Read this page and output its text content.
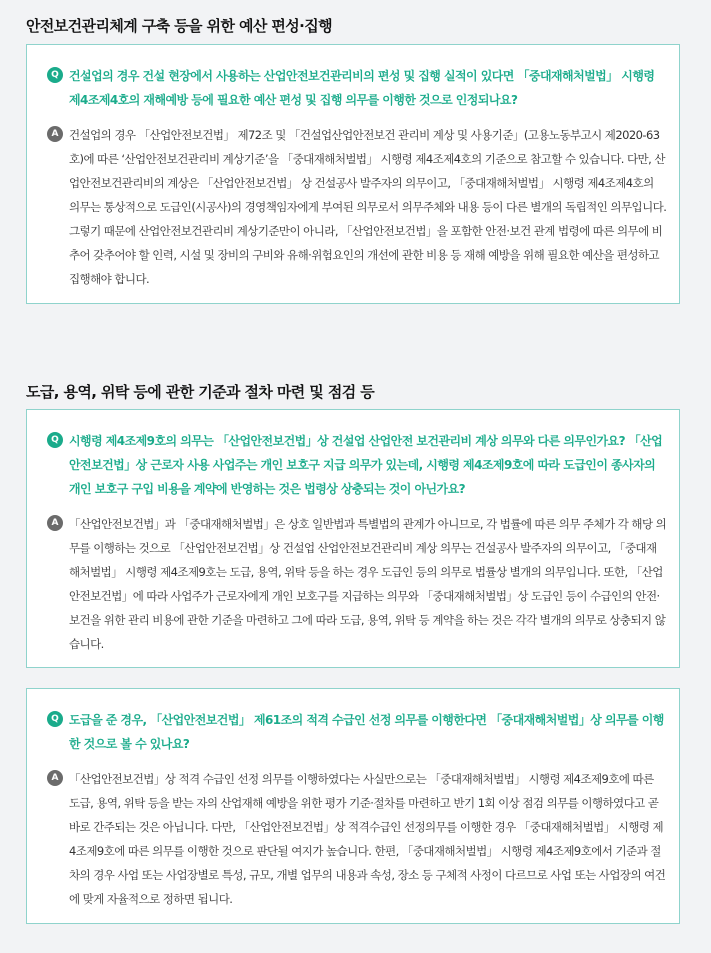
안전보건관리체계 구축 등을 위한 예산 편성·집행
Q 건설업의 경우 건설 현장에서 사용하는 산업안전보건관리비의 편성 및 집행 실적이 있다면 「중대재해처벌법」 시행령 제4조제4호의 재해예방 등에 필요한 예산 편성 및 집행 의무를 이행한 것으로 인정되나요?
A 건설업의 경우 「산업안전보건법」 제72조 및 「건설업산업안전보건 관리비 계상 및 사용기준」(고용노동부고시 제2020-63호)에 따른 ‘산업안전보건관리비 계상기준’을 「중대재해처벌법」 시행령 제4조제4호의 기준으로 참고할 수 있습니다. 다만, 산업안전보건관리비의 계상은 「산업안전보건법」 상 건설공사 발주자의 의무이고, 「중대재해처벌법」 시행령 제4조제4호의 의무는 통상적으로 도급인(시공사)의 경영책임자에게 부여된 의무로서 의무주체와 내용 등이 다른 별개의 독립적인 의무입니다. 그렇기 때문에 산업안전보건관리비 계상기준만이 아니라, 「산업안전보건법」을 포함한 안전·보건 관계 법령에 따른 의무에 비추어 갖추어야 할 인력, 시설 및 장비의 구비와 유해·위험요인의 개선에 관한 비용 등 재해 예방을 위해 필요한 예산을 편성하고 집행해야 합니다.
도급, 용역, 위탁 등에 관한 기준과 절차 마련 및 점검 등
Q 시행령 제4조제9호의 의무는 「산업안전보건법」상 건설업 산업안전 보건관리비 계상 의무와 다른 의무인가요? 「산업안전보건법」상 근로자 사용 사업주는 개인 보호구 지급 의무가 있는데, 시행령 제4조제9호에 따라 도급인이 종사자의 개인 보호구 구입 비용을 계약에 반영하는 것은 법령상 상충되는 것이 아닌가요?
A 「산업안전보건법」과 「중대재해처벌법」은 상호 일반법과 특별법의 관계가 아니므로, 각 법률에 따른 의무 주체가 각 해당 의무를 이행하는 것으로 「산업안전보건법」상 건설업 산업안전보건관리비 계상 의무는 건설공사 발주자의 의무이고, 「중대재해처벌법」 시행령 제4조제9호는 도급, 용역, 위탁 등을 하는 경우 도급인 등의 의무로 법률상 별개의 의무입니다. 또한, 「산업안전보건법」에 따라 사업주가 근로자에게 개인 보호구를 지급하는 의무와 「중대재해처벌법」상 도급인 등이 수급인의 안전·보건을 위한 관리 비용에 관한 기준을 마련하고 그에 따라 도급, 용역, 위탁 등 계약을 하는 것은 각각 별개의 의무로 상충되지 않습니다.
Q 도급을 준 경우, 「산업안전보건법」 제61조의 적격 수급인 선정 의무를 이행한다면 「중대재해처벌법」상 의무를 이행한 것으로 볼 수 있나요?
A 「산업안전보건법」상 적격 수급인 선정 의무를 이행하였다는 사실만으로는 「중대재해처벌법」 시행령 제4조제9호에 따른 도급, 용역, 위탁 등을 받는 자의 산업재해 예방을 위한 평가 기준·절차를 마련하고 반기 1회 이상 점검 의무를 이행하였다고 곧바로 간주되는 것은 아닙니다. 다만, 「산업안전보건법」상 적격수급인 선정의무를 이행한 경우 「중대재해처벌법」 시행령 제4조제9호에 따른 의무를 이행한 것으로 판단될 여지가 높습니다. 한편, 「중대재해처벌법」 시행령 제4조제9호에서 기준과 절차의 경우 사업 또는 사업장별로 특성, 규모, 개별 업무의 내용과 속성, 장소 등 구체적 사정이 다르므로 사업 또는 사업장의 여건에 맞게 자율적으로 정하면 됩니다.
